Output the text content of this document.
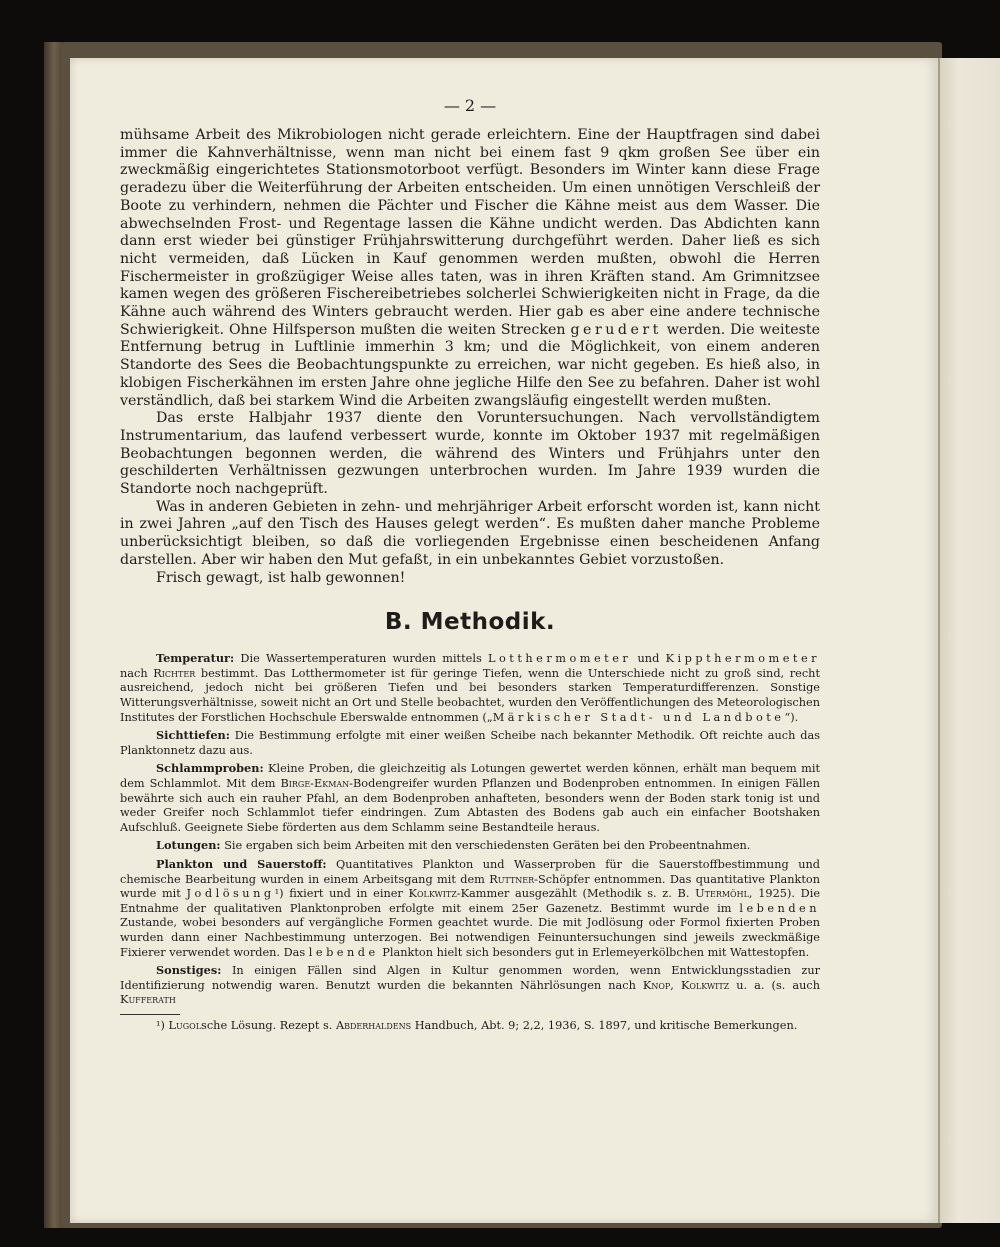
— 2 —

mühsame Arbeit des Mikrobiologen nicht gerade erleichtern. Eine der Hauptfragen sind dabei immer die Kahnverhältnisse, wenn man nicht bei einem fast 9 qkm großen See über ein zweckmäßig eingerichtetes Stationsmotorboot verfügt. Besonders im Winter kann diese Frage geradezu über die Weiterführung der Arbeiten entscheiden. Um einen unnötigen Verschleiß der Boote zu verhindern, nehmen die Pächter und Fischer die Kähne meist aus dem Wasser. Die abwechselnden Frost- und Regentage lassen die Kähne undicht werden. Das Abdichten kann dann erst wieder bei günstiger Frühjahrswitterung durchgeführt werden. Daher ließ es sich nicht vermeiden, daß Lücken in Kauf genommen werden mußten, obwohl die Herren Fischermeister in großzügiger Weise alles taten, was in ihren Kräften stand. Am Grimnitzsee kamen wegen des größeren Fischereibetriebes solcherlei Schwierigkeiten nicht in Frage, da die Kähne auch während des Winters gebraucht werden. Hier gab es aber eine andere technische Schwierigkeit. Ohne Hilfsperson mußten die weiten Strecken gerudert werden. Die weiteste Entfernung betrug in Luftlinie immerhin 3 km; und die Möglichkeit, von einem anderen Standorte des Sees die Beobachtungspunkte zu erreichen, war nicht gegeben. Es hieß also, in klobigen Fischerkähnen im ersten Jahre ohne jegliche Hilfe den See zu befahren. Daher ist wohl verständlich, daß bei starkem Wind die Arbeiten zwangsläufig eingestellt werden mußten.

Das erste Halbjahr 1937 diente den Voruntersuchungen. Nach vervollständigtem Instrumentarium, das laufend verbessert wurde, konnte im Oktober 1937 mit regelmäßigen Beobachtungen begonnen werden, die während des Winters und Frühjahrs unter den geschilderten Verhältnissen gezwungen unterbrochen wurden. Im Jahre 1939 wurden die Standorte noch nachgeprüft.

Was in anderen Gebieten in zehn- und mehrjähriger Arbeit erforscht worden ist, kann nicht in zwei Jahren „auf den Tisch des Hauses gelegt werden“. Es mußten daher manche Probleme unberücksichtigt bleiben, so daß die vorliegenden Ergebnisse einen bescheidenen Anfang darstellen. Aber wir haben den Mut gefaßt, in ein unbekanntes Gebiet vorzustoßen.

Frisch gewagt, ist halb gewonnen!

B. Methodik.

Temperatur: Die Wassertemperaturen wurden mittels Lotthermometer und Kippthermometer nach Richter bestimmt. Das Lotthermometer ist für geringe Tiefen, wenn die Unterschiede nicht zu groß sind, recht ausreichend, jedoch nicht bei größeren Tiefen und bei besonders starken Temperaturdifferenzen. Sonstige Witterungsverhältnisse, soweit nicht an Ort und Stelle beobachtet, wurden den Veröffentlichungen des Meteorologischen Institutes der Forstlichen Hochschule Eberswalde entnommen („Märkischer Stadt- und Landbote“).

Sichttiefen: Die Bestimmung erfolgte mit einer weißen Scheibe nach bekannter Methodik. Oft reichte auch das Planktonnetz dazu aus.

Schlammproben: Kleine Proben, die gleichzeitig als Lotungen gewertet werden können, erhält man bequem mit dem Schlammlot. Mit dem Birge-Ekman-Bodengreifer wurden Pflanzen und Bodenproben entnommen. In einigen Fällen bewährte sich auch ein rauher Pfahl, an dem Bodenproben anhafteten, besonders wenn der Boden stark tonig ist und weder Greifer noch Schlammlot tiefer eindringen. Zum Abtasten des Bodens gab auch ein einfacher Bootshaken Aufschluß. Geeignete Siebe förderten aus dem Schlamm seine Bestandteile heraus.

Lotungen: Sie ergaben sich beim Arbeiten mit den verschiedensten Geräten bei den Probeentnahmen.

Plankton und Sauerstoff: Quantitatives Plankton und Wasserproben für die Sauerstoffbestimmung und chemische Bearbeitung wurden in einem Arbeitsgang mit dem Ruttner-Schöpfer entnommen. Das quantitative Plankton wurde mit Jodlösung¹) fixiert und in einer Kolkwitz-Kammer ausgezählt (Methodik s. z. B. Utermöhl, 1925). Die Entnahme der qualitativen Planktonproben erfolgte mit einem 25er Gazenetz. Bestimmt wurde im lebenden Zustande, wobei besonders auf vergängliche Formen geachtet wurde. Die mit Jodlösung oder Formol fixierten Proben wurden dann einer Nachbestimmung unterzogen. Bei notwendigen Feinuntersuchungen sind jeweils zweckmäßige Fixierer verwendet worden. Das lebende Plankton hielt sich besonders gut in Erlemeyerkölbchen mit Wattestopfen.

Sonstiges: In einigen Fällen sind Algen in Kultur genommen worden, wenn Entwicklungsstadien zur Identifizierung notwendig waren. Benutzt wurden die bekannten Nährlösungen nach Knop, Kolkwitz u. a. (s. auch Kufferath

¹) Lugolsche Lösung. Rezept s. Abderhaldens Handbuch, Abt. 9; 2,2, 1936, S. 1897, und kritische Bemerkungen.
